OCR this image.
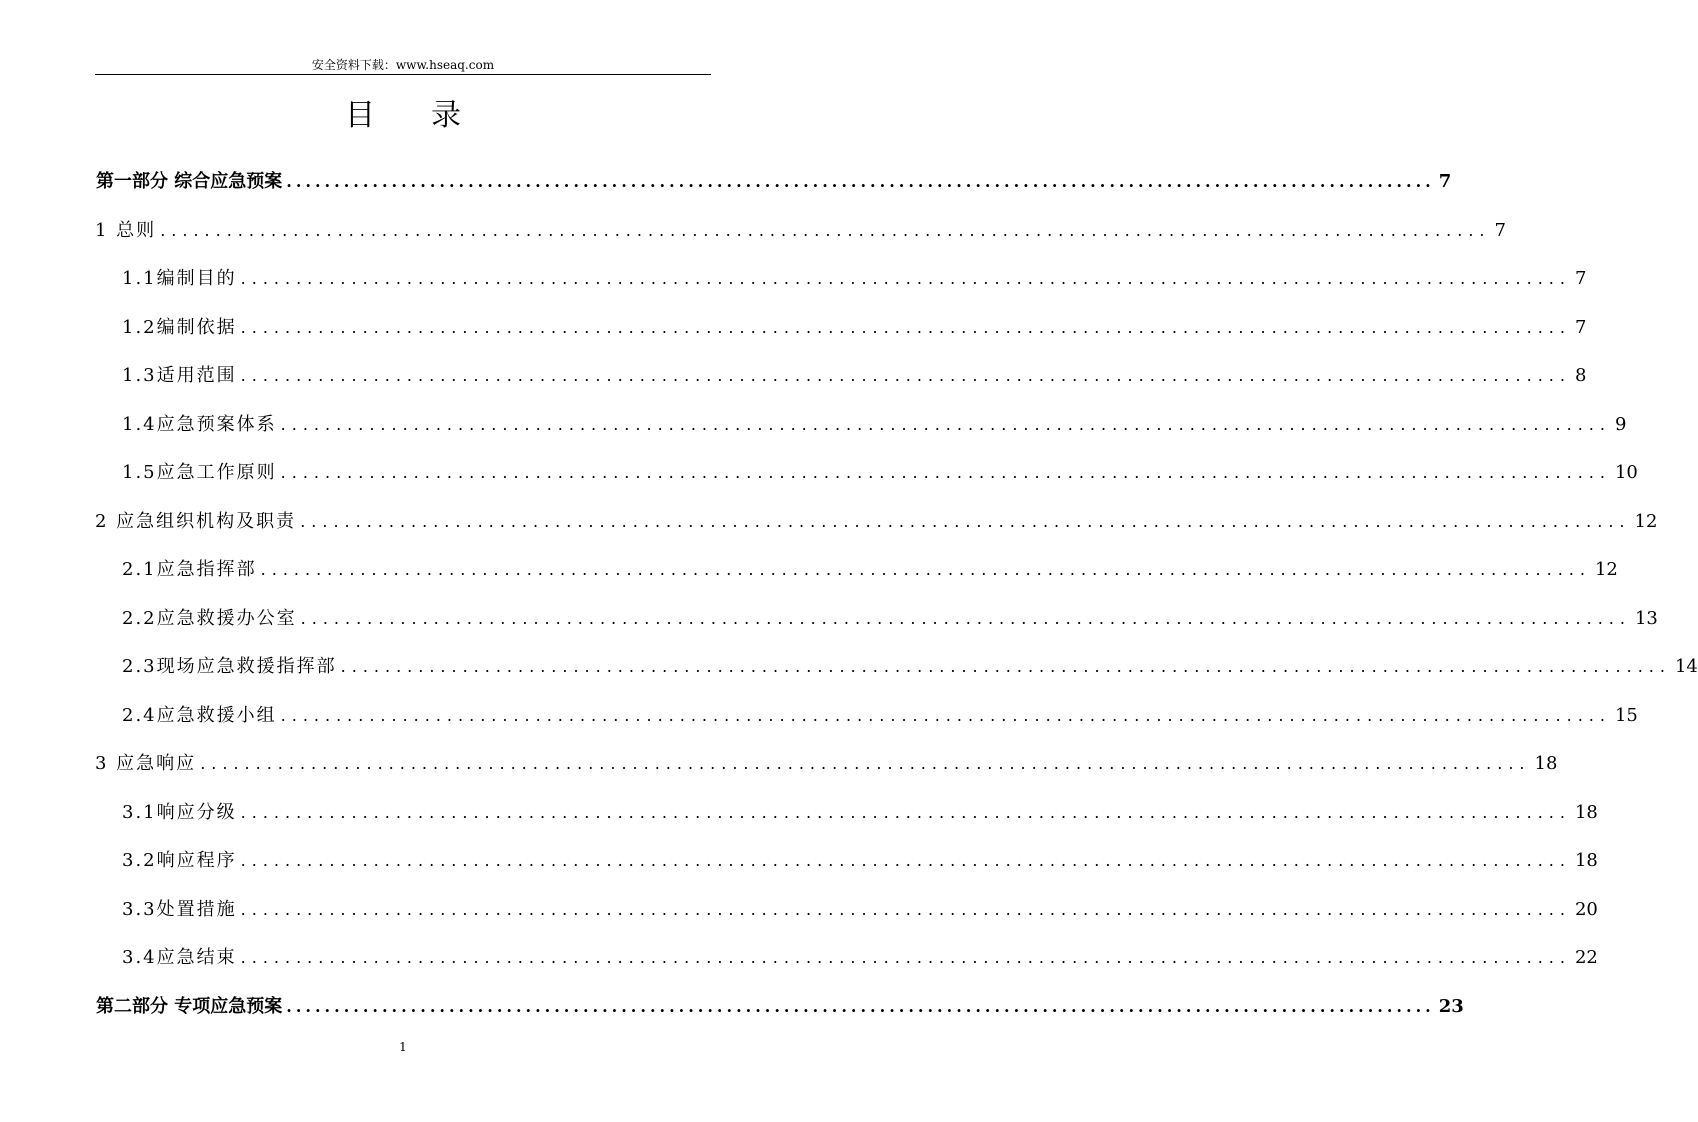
安全资料下载：www.hseaq.com
目录
第一部分 综合应急预案 ........................................................................................................................ 7
1 总则 ........................................................................................................................ 7
1.1编制目的 ........................................................................................................................ 7
1.2编制依据 ........................................................................................................................ 7
1.3适用范围 ........................................................................................................................ 8
1.4应急预案体系 ........................................................................................................................ 9
1.5应急工作原则 ........................................................................................................................ 10
2 应急组织机构及职责 ........................................................................................................................ 12
2.1应急指挥部 ........................................................................................................................ 12
2.2应急救援办公室 ........................................................................................................................ 13
2.3现场应急救援指挥部 ........................................................................................................................ 14
2.4应急救援小组 ........................................................................................................................ 15
3 应急响应 ........................................................................................................................ 18
3.1响应分级 ........................................................................................................................ 18
3.2响应程序 ........................................................................................................................ 18
3.3处置措施 ........................................................................................................................ 20
3.4应急结束 ........................................................................................................................ 22
第二部分 专项应急预案 ........................................................................................................................ 23
1
